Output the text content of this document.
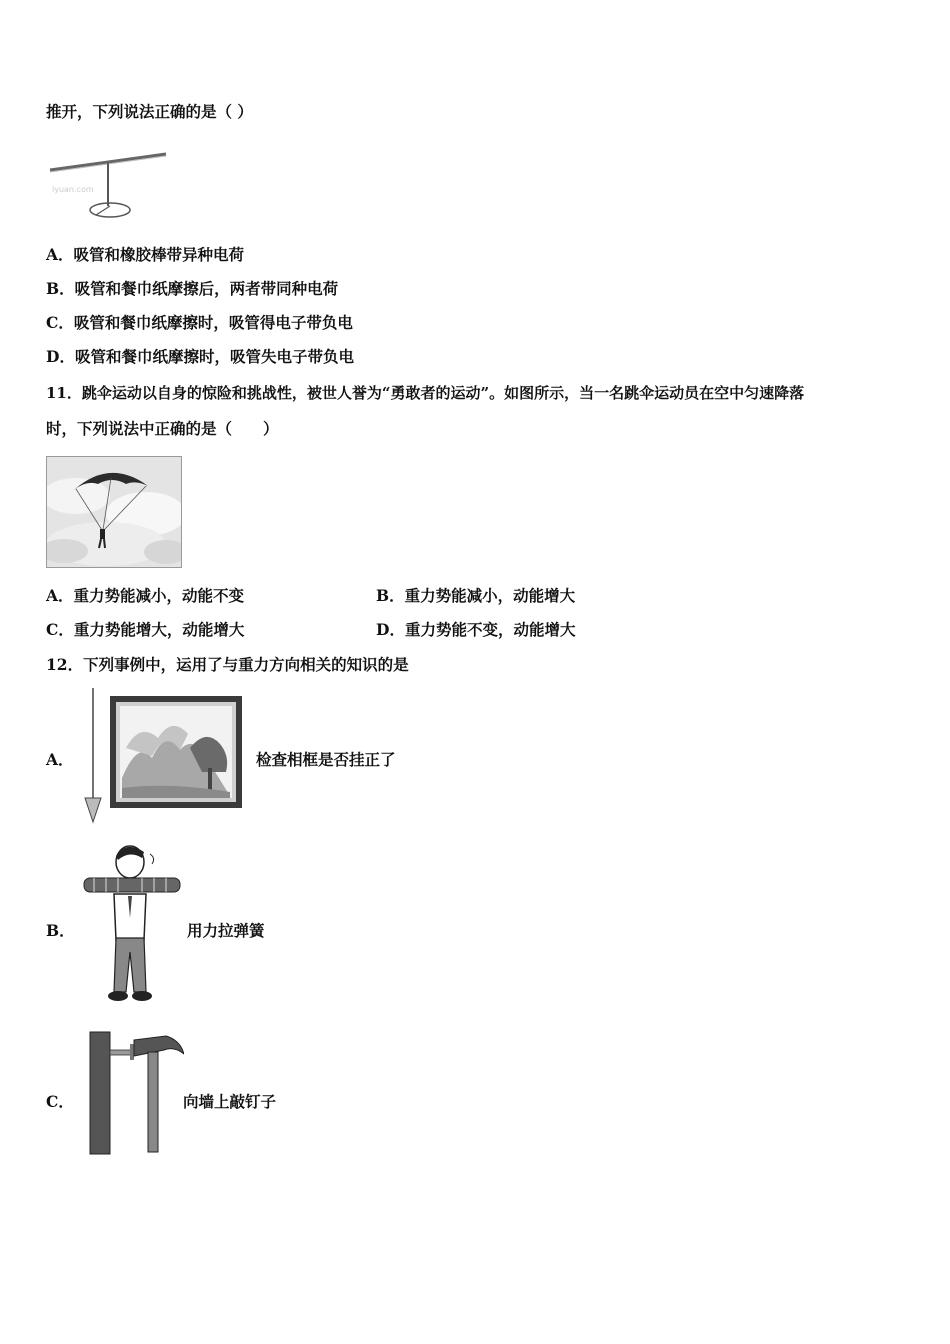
推开，下列说法正确的是（ ）
lyuan.com
A．吸管和橡胶棒带异种电荷
B．吸管和餐巾纸摩擦后，两者带同种电荷
C．吸管和餐巾纸摩擦时，吸管得电子带负电
D．吸管和餐巾纸摩擦时，吸管失电子带负电
11．跳伞运动以自身的惊险和挑战性，被世人誉为“勇敢者的运动”。如图所示，当一名跳伞运动员在空中匀速降落
时，下列说法中正确的是（　　）
A．重力势能减小，动能不变	B．重力势能减小，动能增大
C．重力势能增大，动能增大	D．重力势能不变，动能增大
12．下列事例中，运用了与重力方向相关的知识的是
A．	检查相框是否挂正了
B．	用力拉弹簧
C．	向墙上敲钉子
